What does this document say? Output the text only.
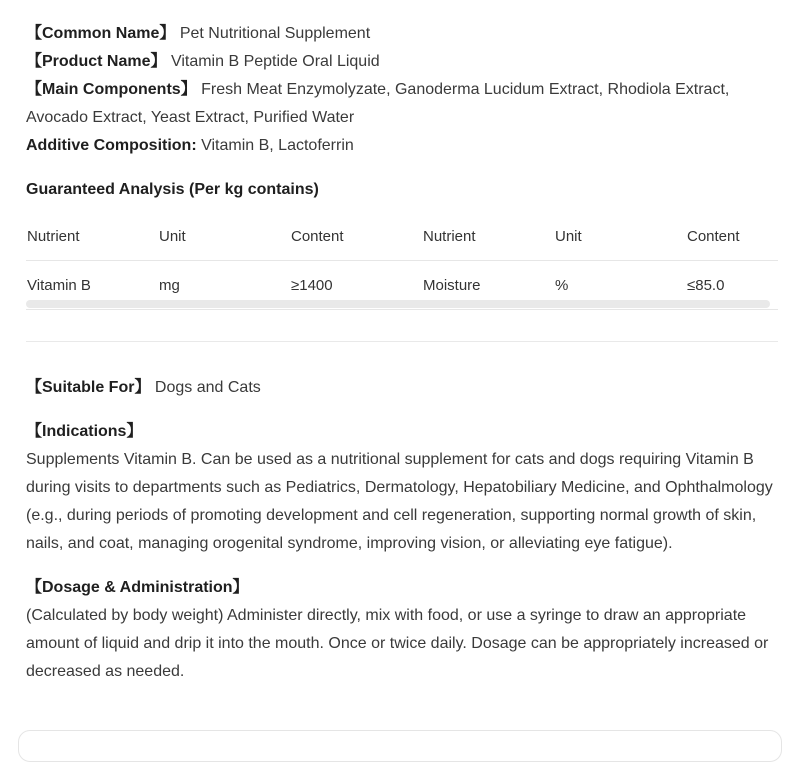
【Common Name】 Pet Nutritional Supplement
【Product Name】 Vitamin B Peptide Oral Liquid
【Main Components】 Fresh Meat Enzymolyzate, Ganoderma Lucidum Extract, Rhodiola Extract, Avocado Extract, Yeast Extract, Purified Water
Additive Composition: Vitamin B, Lactoferrin
Guaranteed Analysis (Per kg contains)
Nutrient	Unit	Content	Nutrient	Unit	Content
Vitamin B	mg	≥1400	Moisture	%	≤85.0
【Suitable For】 Dogs and Cats
【Indications】

Supplements Vitamin B. Can be used as a nutritional supplement for cats and dogs requiring Vitamin B during visits to departments such as Pediatrics, Dermatology, Hepatobiliary Medicine, and Ophthalmology (e.g., during periods of promoting development and cell regeneration, supporting normal growth of skin, nails, and coat, managing orogenital syndrome, improving vision, or alleviating eye fatigue).

【Dosage & Administration】

(Calculated by body weight) Administer directly, mix with food, or use a syringe to draw an appropriate amount of liquid and drip it into the mouth. Once or twice daily. Dosage can be appropriately increased or decreased as needed.
